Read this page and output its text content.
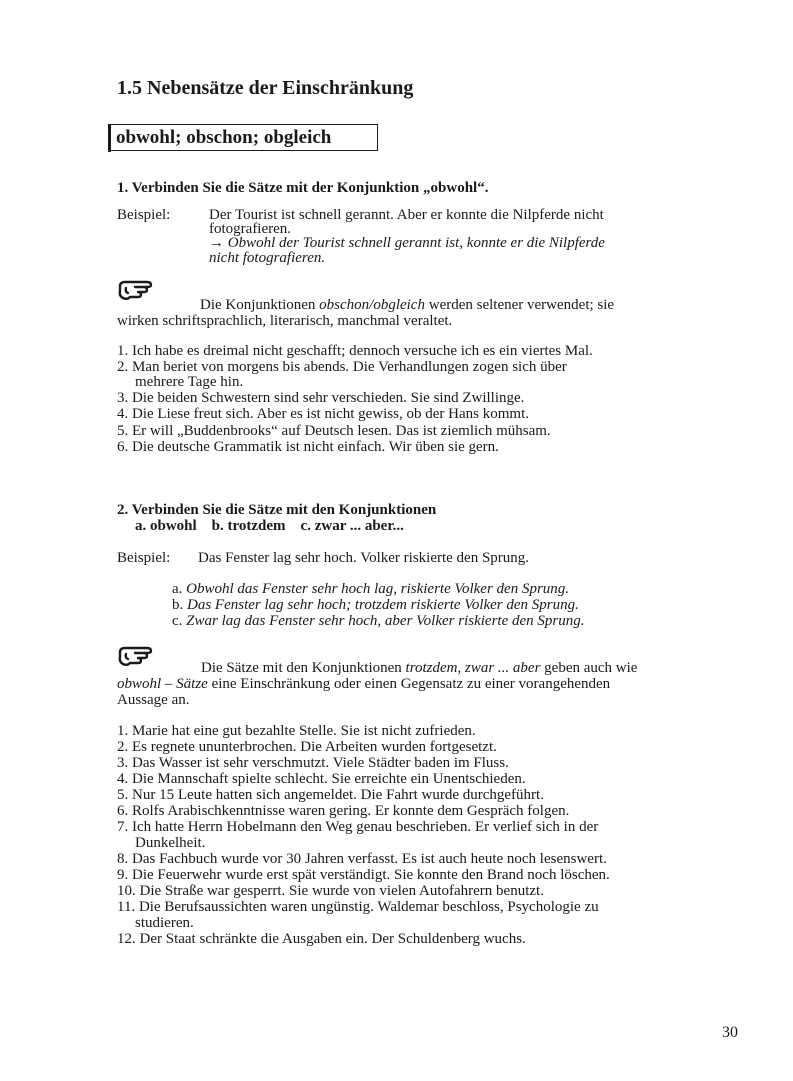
1.5 Nebensätze der Einschränkung
obwohl; obschon; obgleich
1. Verbinden Sie die Sätze mit der Konjunktion „obwohl“.
Beispiel:	Der Tourist ist schnell gerannt. Aber er konnte die Nilpferde nicht
fotografieren.
→ Obwohl der Tourist schnell gerannt ist, konnte er die Nilpferde
nicht fotografieren.
Die Konjunktionen obschon/obgleich werden seltener verwendet; sie
wirken schriftsprachlich, literarisch, manchmal veraltet.
1. Ich habe es dreimal nicht geschafft; dennoch versuche ich es ein viertes Mal.
2. Man beriet von morgens bis abends. Die Verhandlungen zogen sich über
mehrere Tage hin.
3. Die beiden Schwestern sind sehr verschieden. Sie sind Zwillinge.
4. Die Liese freut sich. Aber es ist nicht gewiss, ob der Hans kommt.
5. Er will „Buddenbrooks“ auf Deutsch lesen. Das ist ziemlich mühsam.
6. Die deutsche Grammatik ist nicht einfach. Wir üben sie gern.
2. Verbinden Sie die Sätze mit den Konjunktionen
a. obwohl    b. trotzdem    c. zwar ... aber...
Beispiel: Das Fenster lag sehr hoch. Volker riskierte den Sprung.
a. Obwohl das Fenster sehr hoch lag, riskierte Volker den Sprung.
b. Das Fenster lag sehr hoch; trotzdem riskierte Volker den Sprung.
c. Zwar lag das Fenster sehr hoch, aber Volker riskierte den Sprung.
Die Sätze mit den Konjunktionen trotzdem, zwar ... aber geben auch wie
obwohl – Sätze eine Einschränkung oder einen Gegensatz zu einer vorangehenden
Aussage an.
1. Marie hat eine gut bezahlte Stelle. Sie ist nicht zufrieden.
2. Es regnete ununterbrochen. Die Arbeiten wurden fortgesetzt.
3. Das Wasser ist sehr verschmutzt. Viele Städter baden im Fluss.
4. Die Mannschaft spielte schlecht. Sie erreichte ein Unentschieden.
5. Nur 15 Leute hatten sich angemeldet. Die Fahrt wurde durchgeführt.
6. Rolfs Arabischkenntnisse waren gering. Er konnte dem Gespräch folgen.
7. Ich hatte Herrn Hobelmann den Weg genau beschrieben. Er verlief sich in der
Dunkelheit.
8. Das Fachbuch wurde vor 30 Jahren verfasst. Es ist auch heute noch lesenswert.
9. Die Feuerwehr wurde erst spät verständigt. Sie konnte den Brand noch löschen.
10. Die Straße war gesperrt. Sie wurde von vielen Autofahrern benutzt.
11. Die Berufsaussichten waren ungünstig. Waldemar beschloss, Psychologie zu
studieren.
12. Der Staat schränkte die Ausgaben ein. Der Schuldenberg wuchs.
30
